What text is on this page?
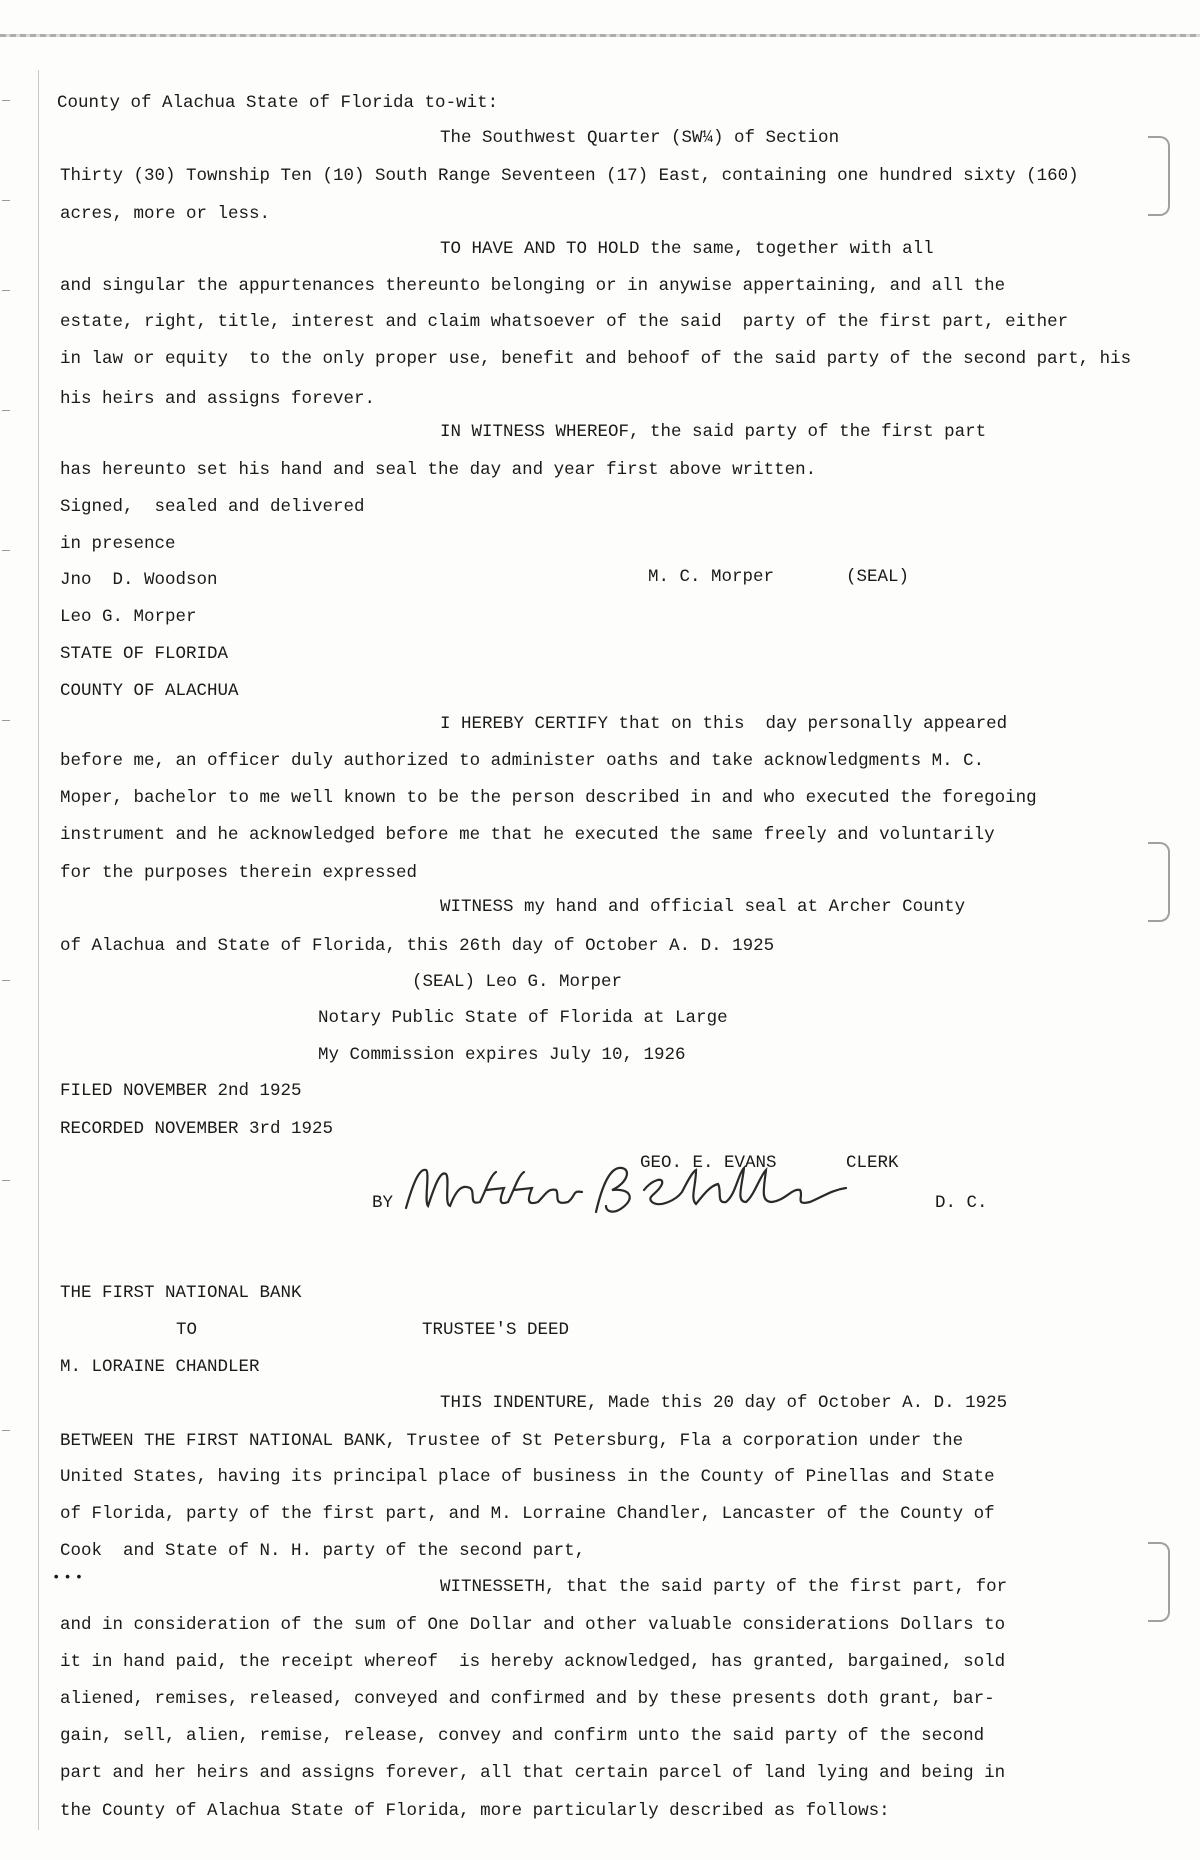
County of Alachua State of Florida to-wit:
The Southwest Quarter (SW¼) of Section
Thirty (30) Township Ten (10) South Range Seventeen (17) East, containing one hundred sixty (160)
acres, more or less.
TO HAVE AND TO HOLD the same, together with all
and singular the appurtenances thereunto belonging or in anywise appertaining, and all the
estate, right, title, interest and claim whatsoever of the said  party of the first part, either
in law or equity  to the only proper use, benefit and behoof of the said party of the second part, his
his heirs and assigns forever.
IN WITNESS WHEREOF, the said party of the first part
has hereunto set his hand and seal the day and year first above written.
Signed,  sealed and delivered
in presence
Jno  D. Woodson	M. C. Morper	(SEAL)
Leo G. Morper
STATE OF FLORIDA
COUNTY OF ALACHUA
I HEREBY CERTIFY that on this  day personally appeared
before me, an officer duly authorized to administer oaths and take acknowledgments M. C.
Moper, bachelor to me well known to be the person described in and who executed the foregoing
instrument and he acknowledged before me that he executed the same freely and voluntarily
for the purposes therein expressed
WITNESS my hand and official seal at Archer County
of Alachua and State of Florida, this 26th day of October A. D. 1925
(SEAL) Leo G. Morper
Notary Public State of Florida at Large
My Commission expires July 10, 1926
FILED NOVEMBER 2nd 1925
RECORDED NOVEMBER 3rd 1925
GEO. E. EVANS	CLERK
BY	D. C.
THE FIRST NATIONAL BANK
TO	TRUSTEE'S DEED
M. LORAINE CHANDLER
THIS INDENTURE, Made this 20 day of October A. D. 1925
BETWEEN THE FIRST NATIONAL BANK, Trustee of St Petersburg, Fla a corporation under the
United States, having its principal place of business in the County of Pinellas and State
of Florida, party of the first part, and M. Lorraine Chandler, Lancaster of the County of
Cook  and State of N. H. party of the second part,
•••	WITNESSETH, that the said party of the first part, for
and in consideration of the sum of One Dollar and other valuable considerations Dollars to
it in hand paid, the receipt whereof  is hereby acknowledged, has granted, bargained, sold
aliened, remises, released, conveyed and confirmed and by these presents doth grant, bar-
gain, sell, alien, remise, release, convey and confirm unto the said party of the second
part and her heirs and assigns forever, all that certain parcel of land lying and being in
the County of Alachua State of Florida, more particularly described as follows:
